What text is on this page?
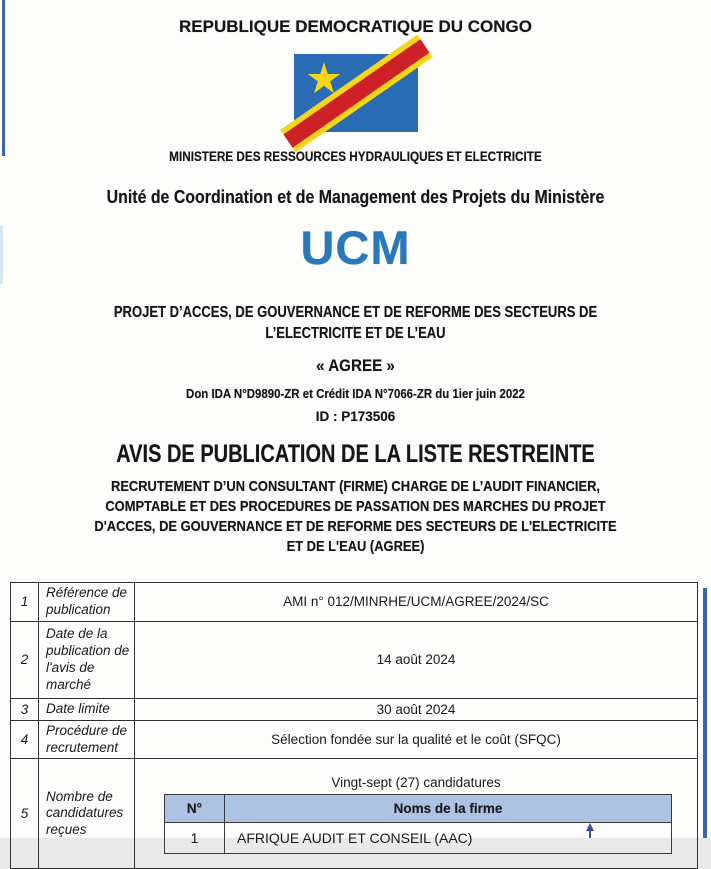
REPUBLIQUE DEMOCRATIQUE DU CONGO
MINISTERE DES RESSOURCES HYDRAULIQUES ET ELECTRICITE
Unité de Coordination et de Management des Projets du Ministère
UCM
PROJET D’ACCES, DE GOUVERNANCE ET DE REFORME DES SECTEURS DE
L’ELECTRICITE ET DE L’EAU
« AGREE »
Don IDA N°D9890-ZR et Crédit IDA N°7066-ZR du 1ier juin 2022
ID : P173506
AVIS DE PUBLICATION DE LA LISTE RESTREINTE
RECRUTEMENT D’UN CONSULTANT (FIRME) CHARGE DE L’AUDIT FINANCIER,
COMPTABLE ET DES PROCEDURES DE PASSATION DES MARCHES DU PROJET
D'ACCES, DE GOUVERNANCE ET DE REFORME DES SECTEURS DE L'ELECTRICITE
ET DE L'EAU (AGREE)
1	Référence de publication	AMI n° 012/MINRHE/UCM/AGREE/2024/SC
2	Date de la publication de l'avis de marché	14 août 2024
3	Date limite	30 août 2024
4	Procédure de recrutement	Sélection fondée sur la qualité et le coût (SFQC)
5	Nombre de candidatures reçues	
Vingt-sept (27) candidatures
N°	Noms de la firme
1	AFRIQUE AUDIT ET CONSEIL (AAC)
